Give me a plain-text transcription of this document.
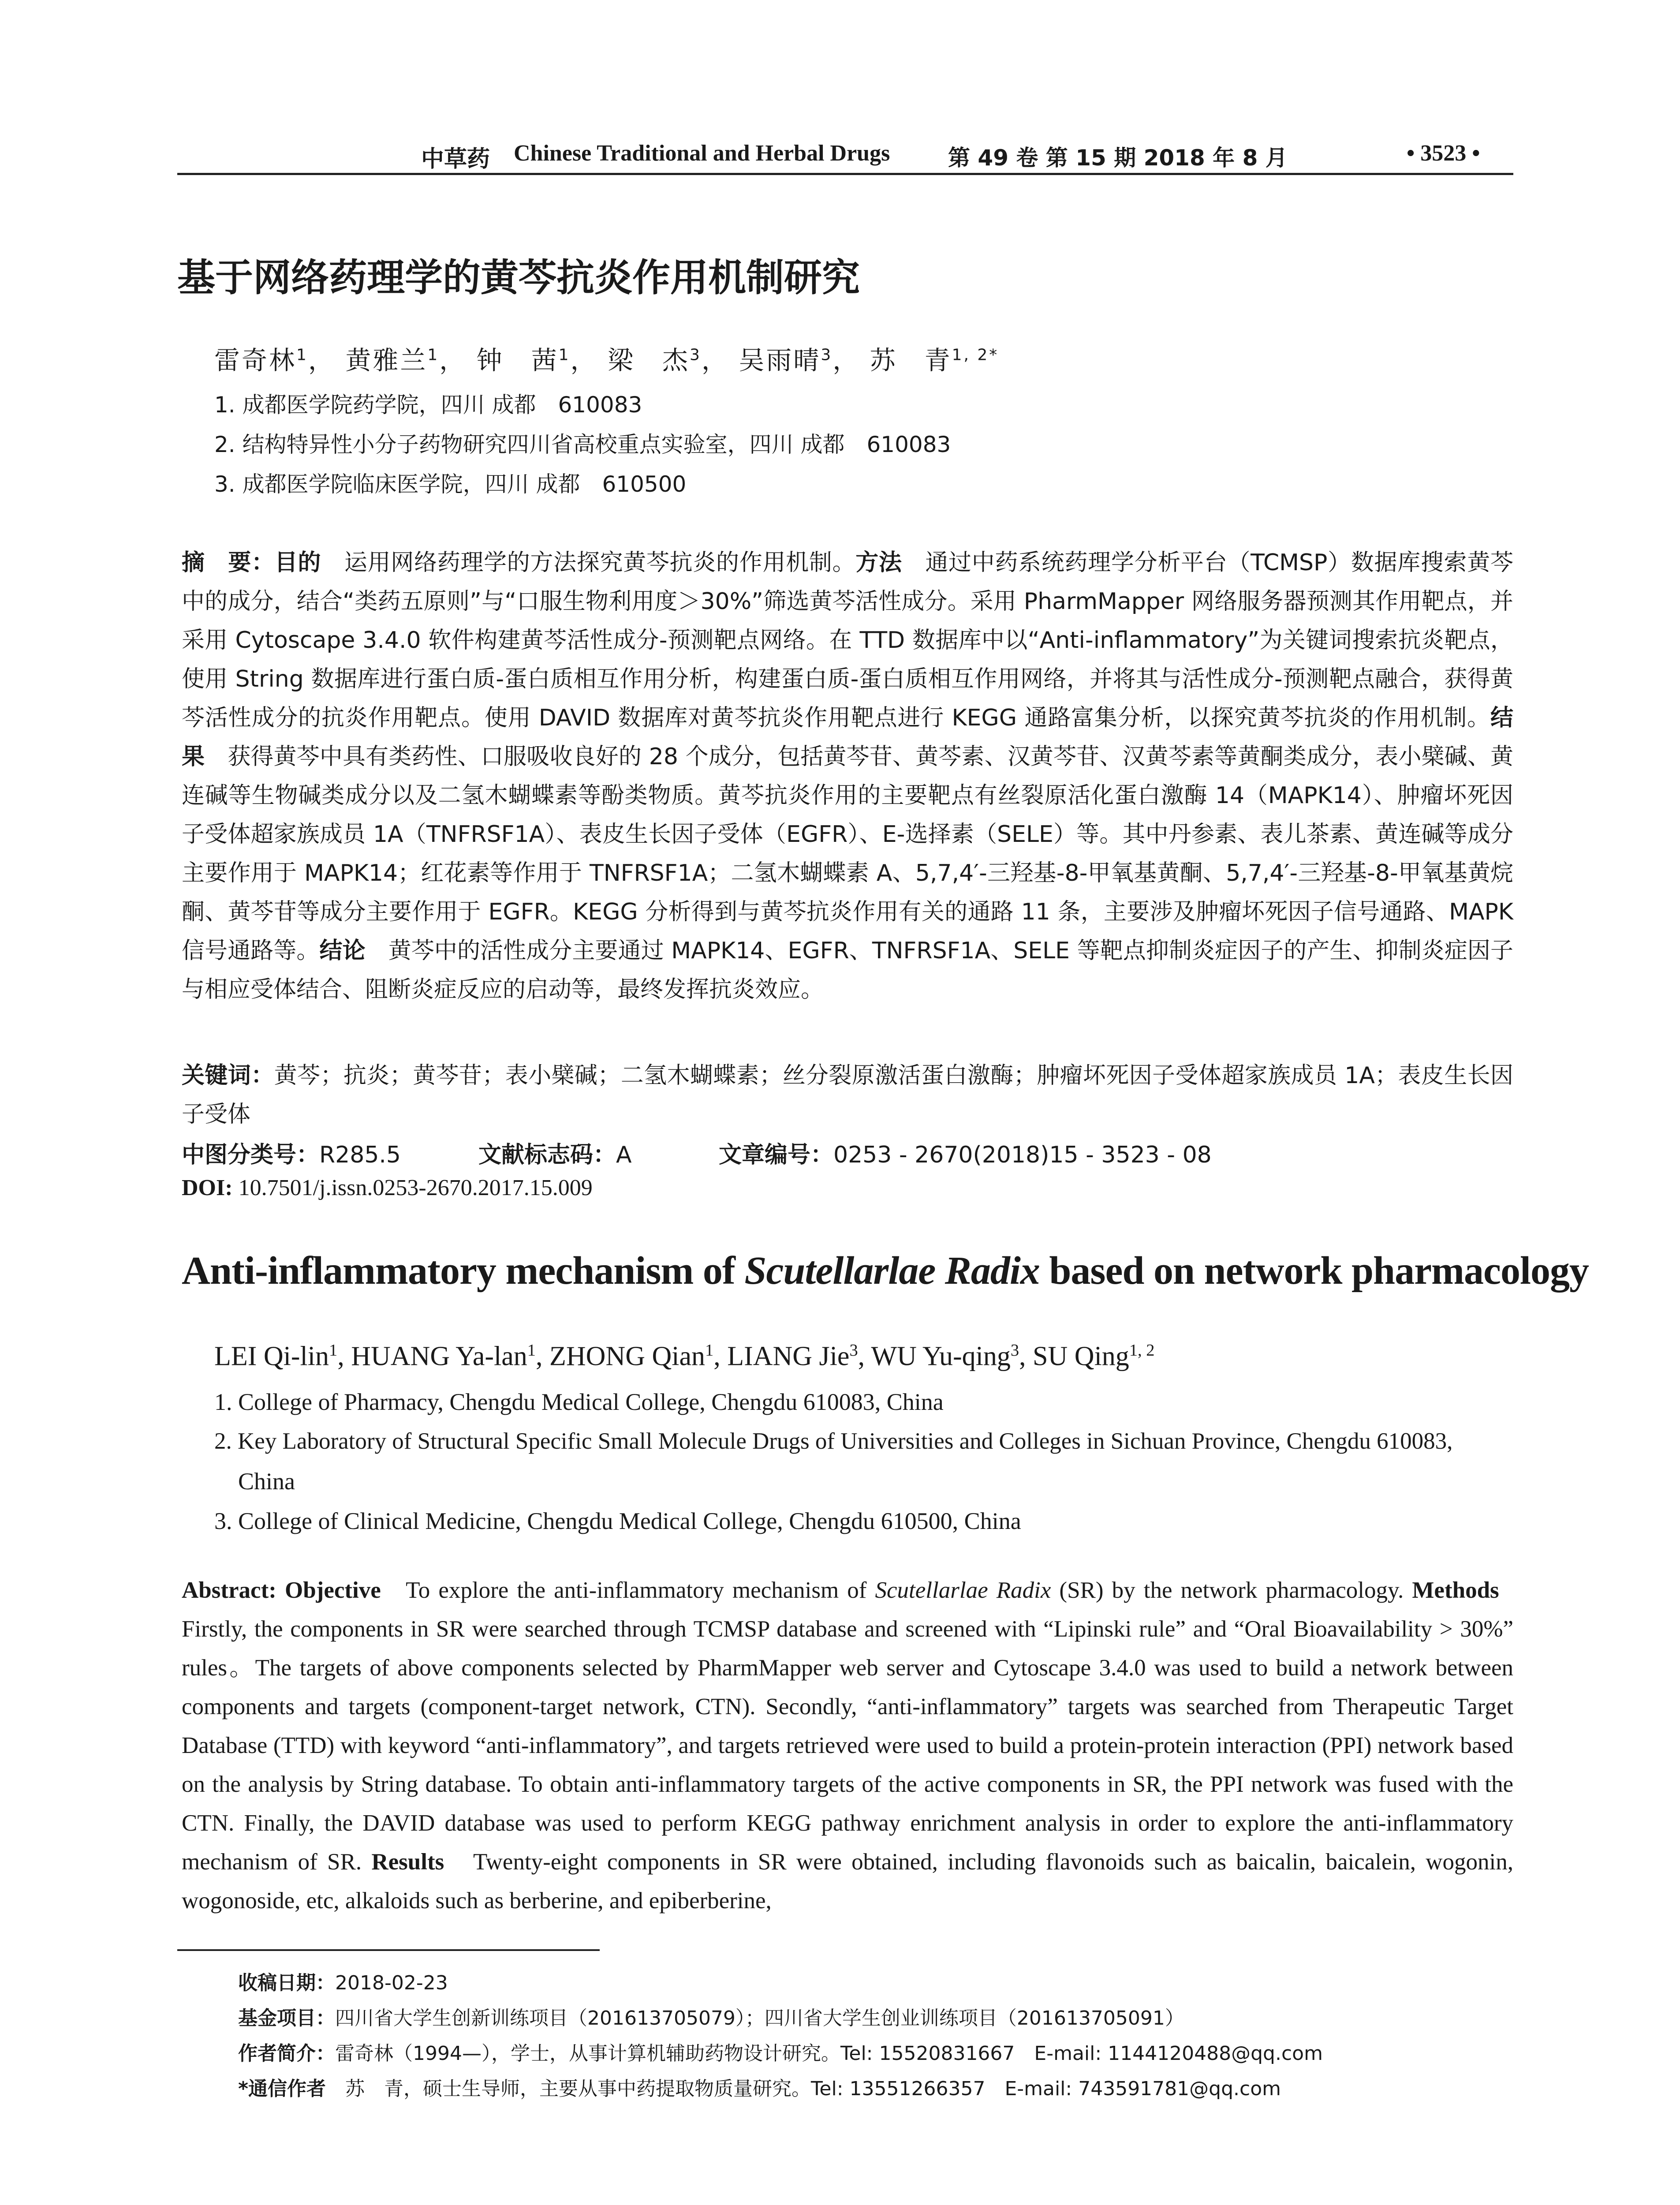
中草药 Chinese Traditional and Herbal Drugs	第 49 卷 第 15 期 2018 年 8 月	• 3523 •
基于网络药理学的黄芩抗炎作用机制研究
雷奇林$^1$， 黄雅兰$^1$， 钟　茜$^1$， 梁　杰$^3$， 吴雨晴$^3$， 苏　青$^{1, 2*}$
1. 成都医学院药学院，四川 成都　610083
2. 结构特异性小分子药物研究四川省高校重点实验室，四川 成都　610083
3. 成都医学院临床医学院，四川 成都　610500
摘　要：目的　 运用网络药理学的方法探究黄芩抗炎的作用机制。方法　 通过中药系统药理学分析平台（TCMSP）数据库搜索黄芩中的成分，结合“类药五原则”与“口服生物利用度＞30%”筛选黄芩活性成分。采用 PharmMapper 网络服务器预测其作用靶点，并采用 Cytoscape 3.4.0 软件构建黄芩活性成分-预测靶点网络。在 TTD 数据库中以“Anti-inflammatory”为关键词搜索抗炎靶点，使用 String 数据库进行蛋白质-蛋白质相互作用分析，构建蛋白质-蛋白质相互作用网络，并将其与活性成分-预测靶点融合，获得黄芩活性成分的抗炎作用靶点。使用 DAVID 数据库对黄芩抗炎作用靶点进行 KEGG 通路富集分析，以探究黄芩抗炎的作用机制。结果　 获得黄芩中具有类药性、口服吸收良好的 28 个成分，包括黄芩苷、黄芩素、汉黄芩苷、汉黄芩素等黄酮类成分，表小檗碱、黄连碱等生物碱类成分以及二氢木蝴蝶素等酚类物质。黄芩抗炎作用的主要靶点有丝裂原活化蛋白激酶 14（MAPK14）、肿瘤坏死因子受体超家族成员 1A（TNFRSF1A）、表皮生长因子受体（EGFR）、E-选择素（SELE）等。其中丹参素、表儿茶素、黄连碱等成分主要作用于 MAPK14；红花素等作用于 TNFRSF1A；二氢木蝴蝶素 A、5,7,4′-三羟基-8-甲氧基黄酮、5,7,4′-三羟基-8-甲氧基黄烷酮、黄芩苷等成分主要作用于 EGFR。KEGG 分析得到与黄芩抗炎作用有关的通路 11 条，主要涉及肿瘤坏死因子信号通路、MAPK 信号通路等。结论　 黄芩中的活性成分主要通过 MAPK14、EGFR、TNFRSF1A、SELE 等靶点抑制炎症因子的产生、抑制炎症因子与相应受体结合、阻断炎症反应的启动等，最终发挥抗炎效应。
关键词：黄芩；抗炎；黄芩苷；表小檗碱；二氢木蝴蝶素；丝分裂原激活蛋白激酶；肿瘤坏死因子受体超家族成员 1A；表皮生长因子受体
中图分类号：R285.5	文献标志码：A	文章编号：0253 - 2670(2018)15 - 3523 - 08
DOI: 10.7501/j.issn.0253-2670.2017.15.009
Anti-inflammatory mechanism of Scutellarlae Radix based on network pharmacology
LEI Qi-lin$^1$, HUANG Ya-lan$^1$, ZHONG Qian$^1$, LIANG Jie$^3$, WU Yu-qing$^3$, SU Qing$^{1, 2}$
1. College of Pharmacy, Chengdu Medical College, Chengdu 610083, China
2. Key Laboratory of Structural Specific Small Molecule Drugs of Universities and Colleges in Sichuan Province, Chengdu 610083,
China
3. College of Clinical Medicine, Chengdu Medical College, Chengdu 610500, China
Abstract: Objective To explore the anti-inflammatory mechanism of Scutellarlae Radix (SR) by the network pharmacology. Methods   Firstly, the components in SR were searched through TCMSP database and screened with “Lipinski rule” and “Oral Bioavailability > 30%” rules。The targets of above components selected by PharmMapper web server and Cytoscape 3.4.0 was used to build a network between components and targets (component-target network, CTN). Secondly, “anti-inflammatory” targets was searched from Therapeutic Target Database (TTD) with keyword “anti-inflammatory”, and targets retrieved were used to build a protein-protein interaction (PPI) network based on the analysis by String database. To obtain anti-inflammatory targets of the active components in SR, the PPI network was fused with the CTN. Finally, the DAVID database was used to perform KEGG pathway enrichment analysis in order to explore the anti-inflammatory mechanism of SR. Results Twenty-eight components in SR were obtained, including flavonoids such as baicalin, baicalein, wogonin, wogonoside, etc, alkaloids such as berberine, and epiberberine,
收稿日期：2018-02-23
基金项目：四川省大学生创新训练项目（201613705079）；四川省大学生创业训练项目（201613705091）
作者简介：雷奇林（1994—），学士，从事计算机辅助药物设计研究。Tel: 15520831667　E-mail: 1144120488@qq.com
*通信作者　 苏　青，硕士生导师，主要从事中药提取物质量研究。Tel: 13551266357　E-mail: 743591781@qq.com
